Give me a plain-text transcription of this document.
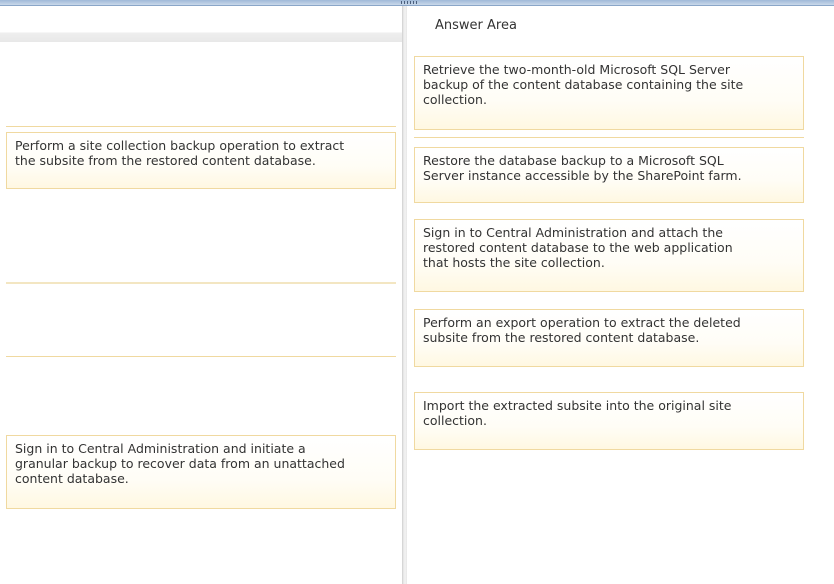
Answer Area
Perform a site collection backup operation to extract
the subsite from the restored content database.
Sign in to Central Administration and initiate a
granular backup to recover data from an unattached
content database.
Retrieve the two-month-old Microsoft SQL Server
backup of the content database containing the site
collection.
Restore the database backup to a Microsoft SQL
Server instance accessible by the SharePoint farm.
Sign in to Central Administration and attach the
restored content database to the web application
that hosts the site collection.
Perform an export operation to extract the deleted
subsite from the restored content database.
Import the extracted subsite into the original site
collection.
